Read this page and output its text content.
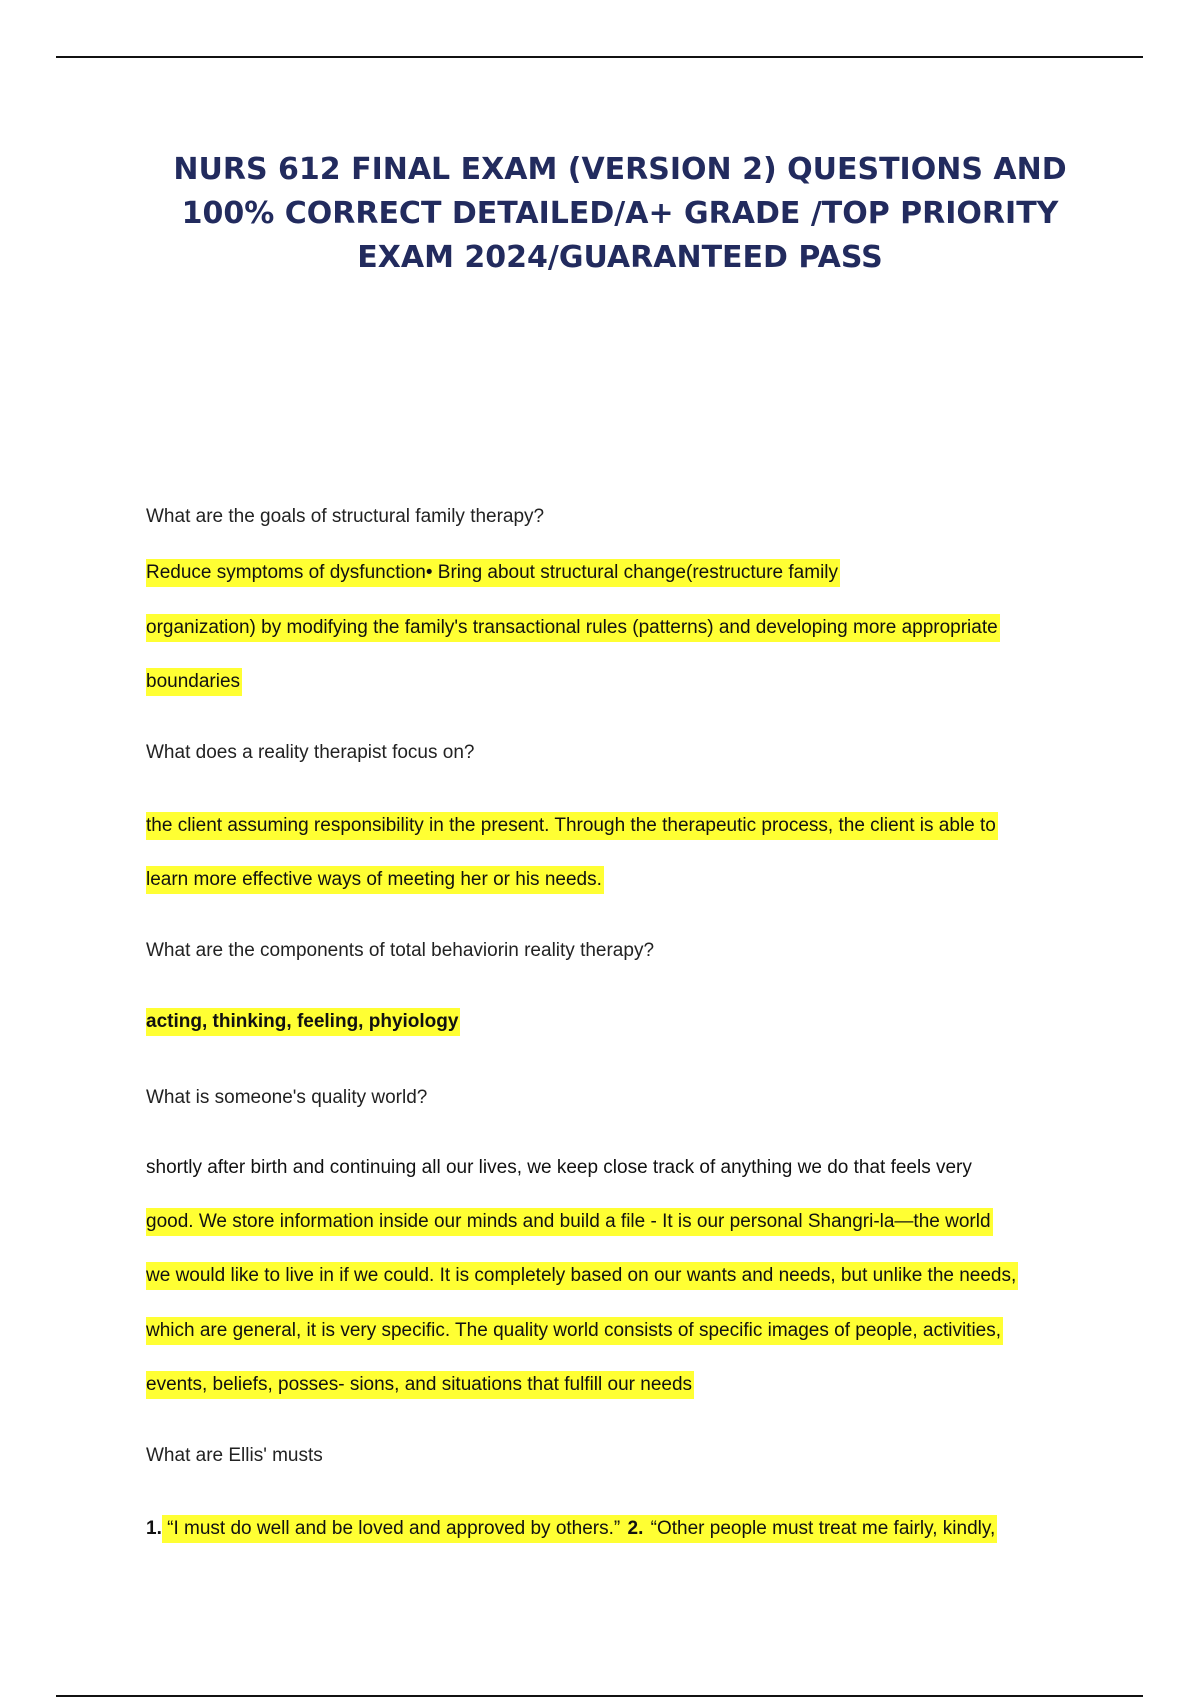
NURS 612 FINAL EXAM (VERSION 2) QUESTIONS AND
100% CORRECT DETAILED/A+ GRADE /TOP PRIORITY
EXAM 2024/GUARANTEED PASS
What are the goals of structural family therapy?
Reduce symptoms of dysfunction• Bring about structural change(restructure family
organization) by modifying the family's transactional rules (patterns) and developing more appropriate
boundaries
What does a reality therapist focus on?
the client assuming responsibility in the present. Through the therapeutic process, the client is able to
learn more effective ways of meeting her or his needs.
What are the components of total behaviorin reality therapy?
acting, thinking, feeling, phyiology
What is someone's quality world?
shortly after birth and continuing all our lives, we keep close track of anything we do that feels very
good. We store information inside our minds and build a file - It is our personal Shangri-la—the world
we would like to live in if we could. It is completely based on our wants and needs, but unlike the needs,
which are general, it is very specific. The quality world consists of specific images of people, activities,
events, beliefs, posses- sions, and situations that fulfill our needs
What are Ellis' musts
1. “I must do well and be loved and approved by others.” 2. “Other people must treat me fairly, kindly,
